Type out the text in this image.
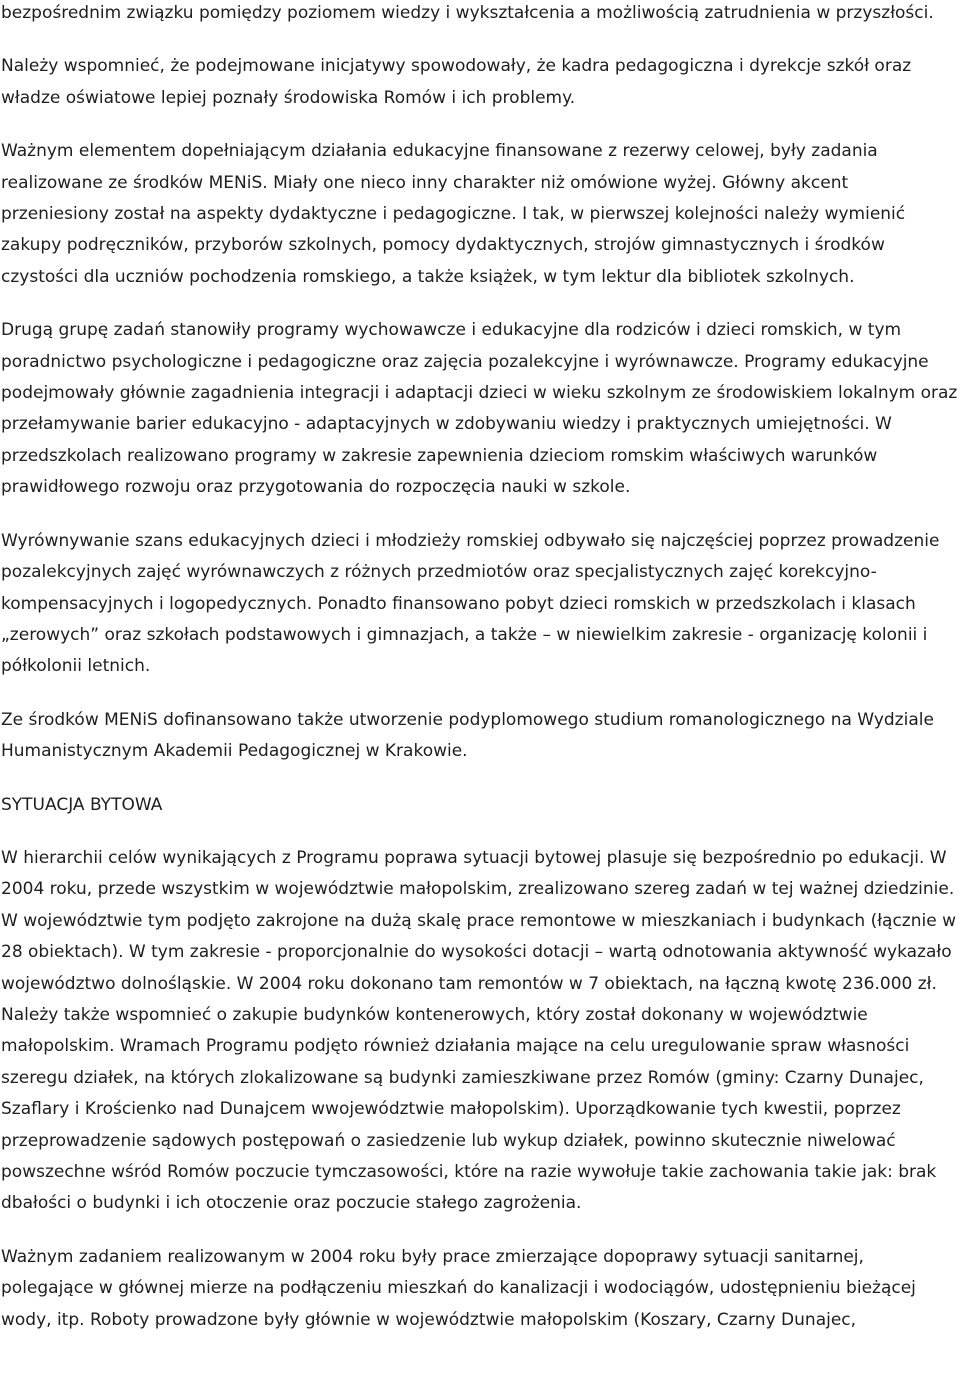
bezpośrednim związku pomiędzy poziomem wiedzy i wykształcenia a możliwością zatrudnienia w przyszłości.

Należy wspomnieć, że podejmowane inicjatywy spowodowały, że kadra pedagogiczna i dyrekcje szkół oraz władze oświatowe lepiej poznały środowiska Romów i ich problemy.

Ważnym elementem dopełniającym działania edukacyjne finansowane z rezerwy celowej, były zadania realizowane ze środków MENiS. Miały one nieco inny charakter niż omówione wyżej. Główny akcent przeniesiony został na aspekty dydaktyczne i pedagogiczne. I tak, w pierwszej kolejności należy wymienić zakupy podręczników, przyborów szkolnych, pomocy dydaktycznych, strojów gimnastycznych i środków czystości dla uczniów pochodzenia romskiego, a także książek, w tym lektur dla bibliotek szkolnych.

Drugą grupę zadań stanowiły programy wychowawcze i edukacyjne dla rodziców i dzieci romskich, w tym poradnictwo psychologiczne i pedagogiczne oraz zajęcia pozalekcyjne i wyrównawcze. Programy edukacyjne podejmowały głównie zagadnienia integracji i adaptacji dzieci w wieku szkolnym ze środowiskiem lokalnym oraz przełamywanie barier edukacyjno - adaptacyjnych w zdobywaniu wiedzy i praktycznych umiejętności. W przedszkolach realizowano programy w zakresie zapewnienia dzieciom romskim właściwych warunków prawidłowego rozwoju oraz przygotowania do rozpoczęcia nauki w szkole.

Wyrównywanie szans edukacyjnych dzieci i młodzieży romskiej odbywało się najczęściej poprzez prowadzenie pozalekcyjnych zajęć wyrównawczych z różnych przedmiotów oraz specjalistycznych zajęć korekcyjno-kompensacyjnych i logopedycznych. Ponadto finansowano pobyt dzieci romskich w przedszkolach i klasach „zerowych” oraz szkołach podstawowych i gimnazjach, a także – w niewielkim zakresie - organizację kolonii i półkolonii letnich.

Ze środków MENiS dofinansowano także utworzenie podyplomowego studium romanologicznego na Wydziale Humanistycznym Akademii Pedagogicznej w Krakowie.

SYTUACJA BYTOWA

W hierarchii celów wynikających z Programu poprawa sytuacji bytowej plasuje się bezpośrednio po edukacji. W 2004 roku, przede wszystkim w województwie małopolskim, zrealizowano szereg zadań w tej ważnej dziedzinie. W województwie tym podjęto zakrojone na dużą skalę prace remontowe w mieszkaniach i budynkach (łącznie w 28 obiektach). W tym zakresie - proporcjonalnie do wysokości dotacji – wartą odnotowania aktywność wykazało województwo dolnośląskie. W 2004 roku dokonano tam remontów w 7 obiektach, na łączną kwotę 236.000 zł. Należy także wspomnieć o zakupie budynków kontenerowych, który został dokonany w województwie małopolskim. Wramach Programu podjęto również działania mające na celu uregulowanie spraw własności szeregu działek, na których zlokalizowane są budynki zamieszkiwane przez Romów (gminy: Czarny Dunajec, Szaflary i Krościenko nad Dunajcem wwojewództwie małopolskim). Uporządkowanie tych kwestii, poprzez przeprowadzenie sądowych postępowań o zasiedzenie lub wykup działek, powinno skutecznie niwelować powszechne wśród Romów poczucie tymczasowości, które na razie wywołuje takie zachowania takie jak: brak dbałości o budynki i ich otoczenie oraz poczucie stałego zagrożenia.

Ważnym zadaniem realizowanym w 2004 roku były prace zmierzające dopoprawy sytuacji sanitarnej, polegające w głównej mierze na podłączeniu mieszkań do kanalizacji i wodociągów, udostępnieniu bieżącej wody, itp. Roboty prowadzone były głównie w województwie małopolskim (Koszary, Czarny Dunajec,
